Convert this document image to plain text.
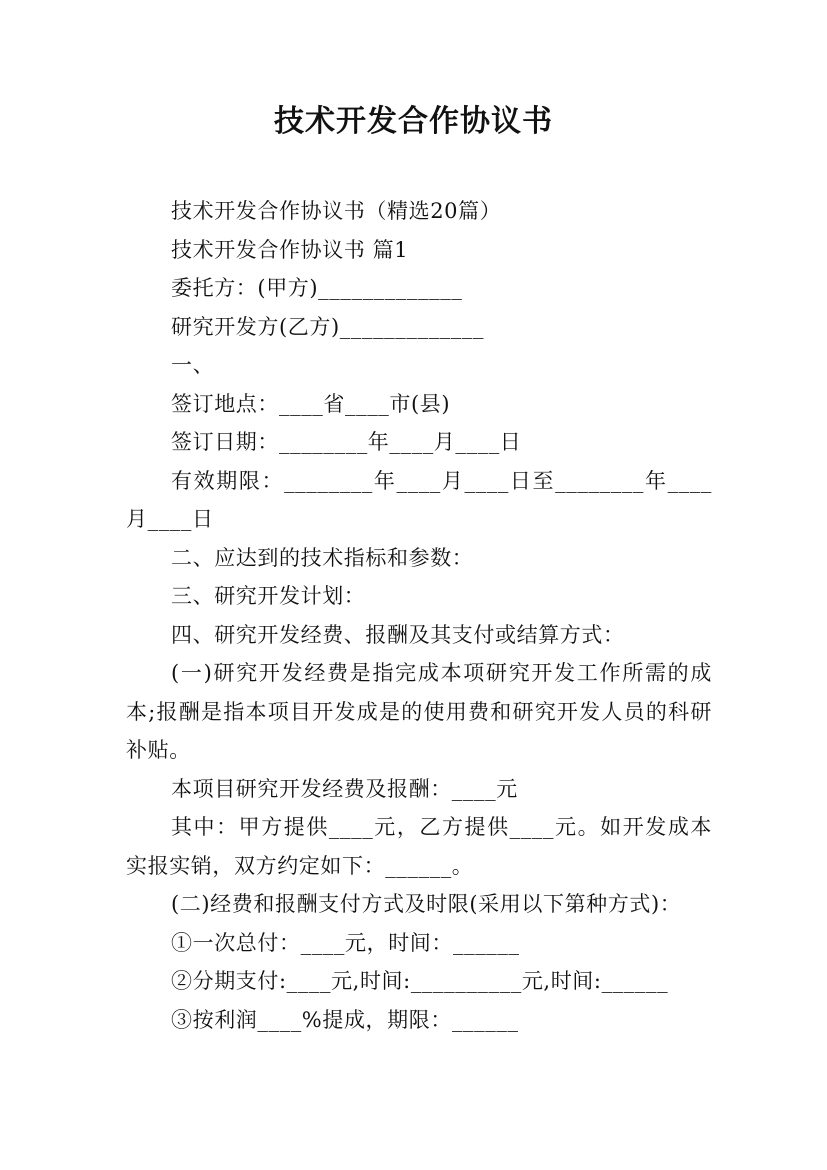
技术开发合作协议书
技术开发合作协议书（精选20篇）
技术开发合作协议书 篇1
委托方：(甲方)_____________
研究开发方(乙方)_____________
一、
签订地点：____省____市(县)
签订日期：________年____月____日
有效期限：________年____月____日至________年____月____日
二、应达到的技术指标和参数：
三、研究开发计划：
四、研究开发经费、报酬及其支付或结算方式：
(一)研究开发经费是指完成本项研究开发工作所需的成本;报酬是指本项目开发成是的使用费和研究开发人员的科研补贴。
本项目研究开发经费及报酬：____元
其中：甲方提供____元，乙方提供____元。如开发成本实报实销，双方约定如下：______。
(二)经费和报酬支付方式及时限(采用以下第种方式)：
①一次总付：____元，时间：______
②分期支付:____元,时间:__________元,时间:______
③按利润____%提成，期限：______
